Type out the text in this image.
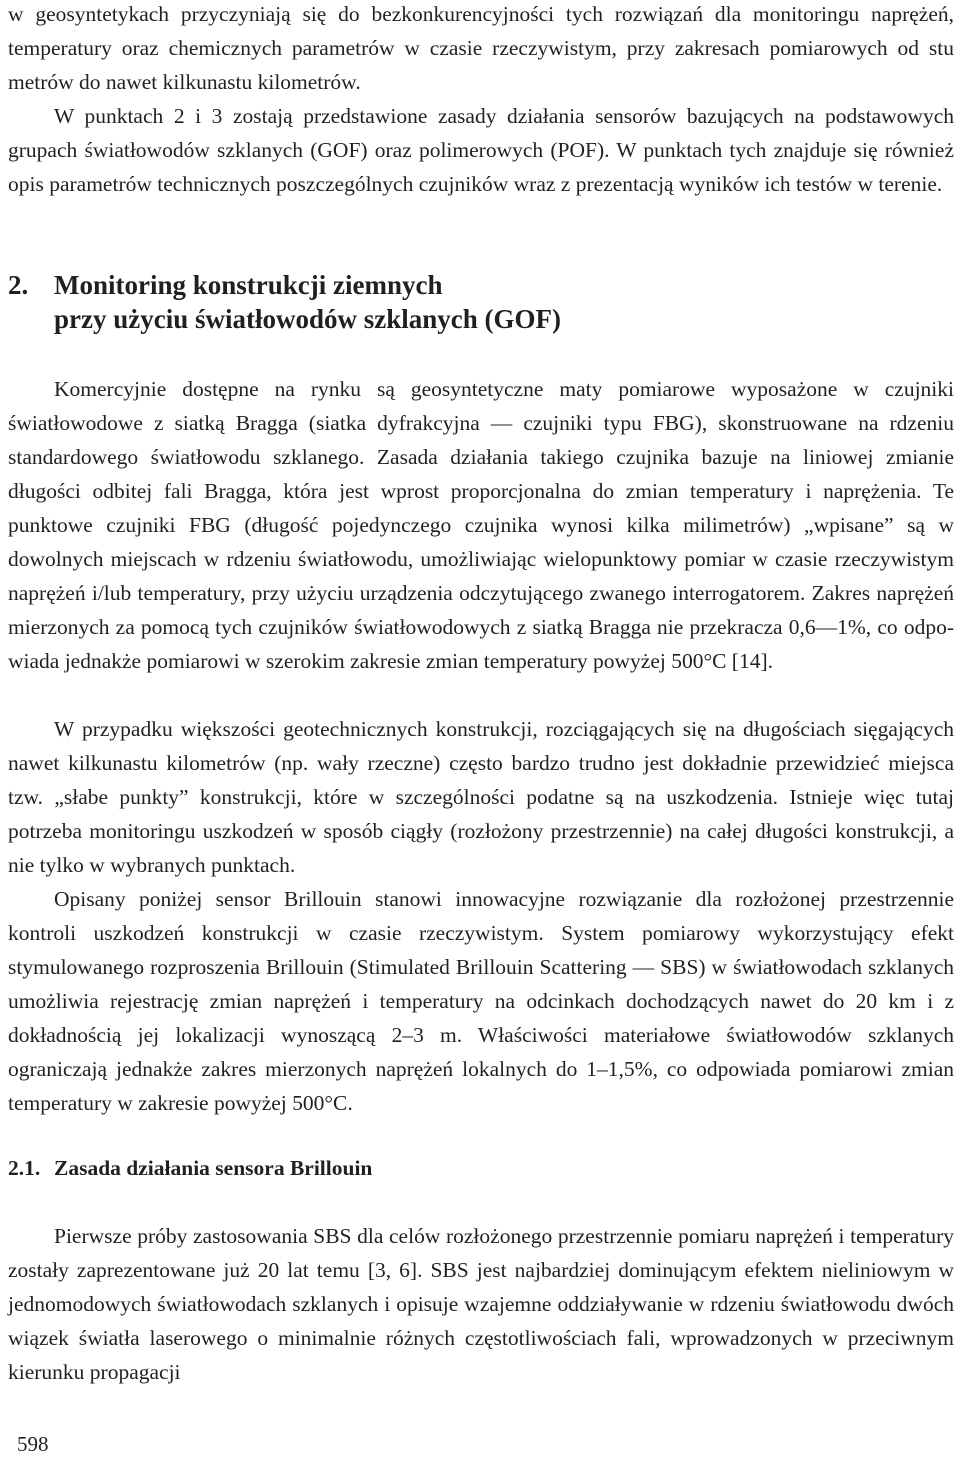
w geosyntetykach przyczyniają się do bezkonkurencyjności tych rozwiązań dla monitoringu naprężeń, temperatury oraz chemicznych parametrów w czasie rzeczywistym, przy zakresach pomiarowych od stu metrów do nawet kilkunastu kilometrów.

W punktach 2 i 3 zostają przedstawione zasady działania sensorów bazujących na podstawowych grupach światłowodów szklanych (GOF) oraz polimerowych (POF). W punktach tych znajduje się również opis parametrów technicznych poszczególnych czujników wraz z prezentacją wyników ich testów w terenie.

2. Monitoring konstrukcji ziemnych
przy użyciu światłowodów szklanych (GOF)

Komercyjnie dostępne na rynku są geosyntetyczne maty pomiarowe wyposażone w czujniki światłowodowe z siatką Bragga (siatka dyfrakcyjna — czujniki typu FBG), skonstruowane na rdzeniu standardowego światłowodu szklanego. Zasada działania takiego czujnika bazuje na liniowej zmianie długości odbitej fali Bragga, która jest wprost proporcjonalna do zmian temperatury i naprężenia. Te punktowe czujniki FBG (długość pojedynczego czujnika wynosi kilka milimetrów) „wpisane” są w dowolnych miejscach w rdzeniu światłowodu, umożliwiając wielopunktowy pomiar w czasie rzeczywistym naprężeń i/lub temperatury, przy użyciu urządzenia odczytującego zwanego interrogatorem. Zakres naprężeń mierzonych za pomocą tych czujników światłowodowych z siatką Bragga nie przekracza 0,6—1%, co odpowiada jednakże pomiarowi w szerokim zakresie zmian temperatury powyżej 500°C [14].

W przypadku większości geotechnicznych konstrukcji, rozciągających się na długościach sięgających nawet kilkunastu kilometrów (np. wały rzeczne) często bardzo trudno jest dokładnie przewidzieć miejsca tzw. „słabe punkty” konstrukcji, które w szczególności podatne są na uszkodzenia. Istnieje więc tutaj potrzeba monitoringu uszkodzeń w sposób ciągły (rozłożony przestrzennie) na całej długości konstrukcji, a nie tylko w wybranych punktach.

Opisany poniżej sensor Brillouin stanowi innowacyjne rozwiązanie dla rozłożonej przestrzennie kontroli uszkodzeń konstrukcji w czasie rzeczywistym. System pomiarowy wykorzystujący efekt stymulowanego rozproszenia Brillouin (Stimulated Brillouin Scattering — SBS) w światłowodach szklanych umożliwia rejestrację zmian naprężeń i temperatury na odcinkach dochodzących nawet do 20 km i z dokładnością jej lokalizacji wynoszącą 2–3 m. Właściwości materiałowe światłowodów szklanych ograniczają jednakże zakres mierzonych naprężeń lokalnych do 1–1,5%, co odpowiada pomiarowi zmian temperatury w zakresie powyżej 500°C.

2.1. Zasada działania sensora Brillouin

Pierwsze próby zastosowania SBS dla celów rozłożonego przestrzennie pomiaru naprężeń i temperatury zostały zaprezentowane już 20 lat temu [3, 6]. SBS jest najbardziej dominującym efektem nieliniowym w jednomodowych światłowodach szklanych i opisuje wzajemne oddziaływanie w rdzeniu światłowodu dwóch wiązek światła laserowego o minimalnie różnych częstotliwościach fali, wprowadzonych w przeciwnym kierunku propagacji

598
